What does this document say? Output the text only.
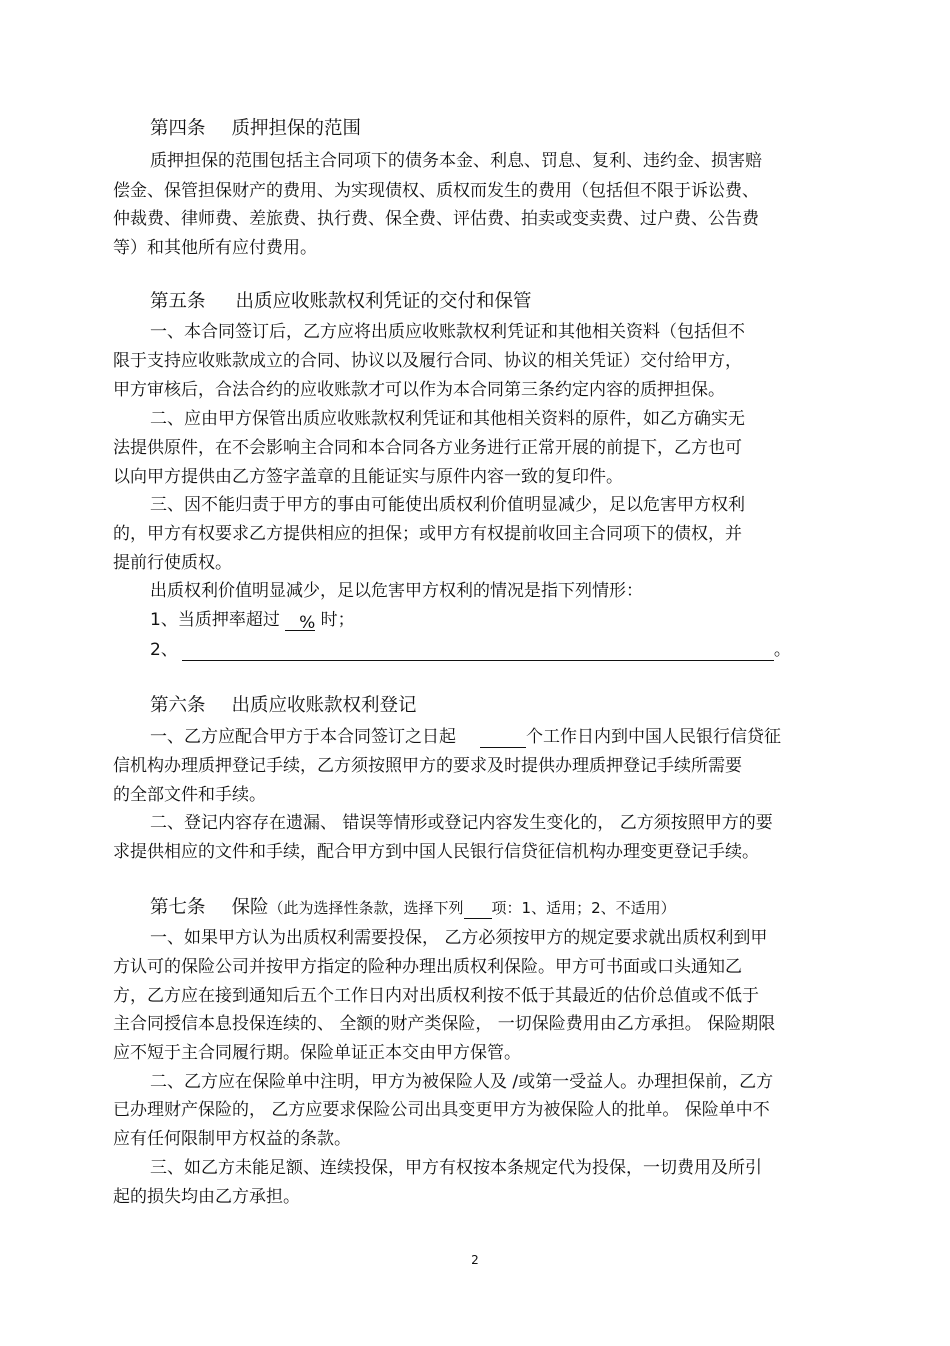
第四条 质押担保的范围

质押担保的范围包括主合同项下的债务本金、利息、罚息、复利、违约金、损害赔

偿金、保管担保财产的费用、为实现债权、质权而发生的费用（包括但不限于诉讼费、

仲裁费、律师费、差旅费、执行费、保全费、评估费、拍卖或变卖费、过户费、公告费

等）和其他所有应付费用。

第五条 出质应收账款权利凭证的交付和保管

一、本合同签订后，乙方应将出质应收账款权利凭证和其他相关资料（包括但不

限于支持应收账款成立的合同、协议以及履行合同、协议的相关凭证）交付给甲方，

甲方审核后，合法合约的应收账款才可以作为本合同第三条约定内容的质押担保。

二、应由甲方保管出质应收账款权利凭证和其他相关资料的原件，如乙方确实无

法提供原件，在不会影响主合同和本合同各方业务进行正常开展的前提下，乙方也可

以向甲方提供由乙方签字盖章的且能证实与原件内容一致的复印件。

三、因不能归责于甲方的事由可能使出质权利价值明显减少，足以危害甲方权利

的，甲方有权要求乙方提供相应的担保；或甲方有权提前收回主合同项下的债权，并

提前行使质权。

出质权利价值明显减少，足以危害甲方权利的情况是指下列情形：

1、当质押率超过 % 时；

2、	。

第六条 出质应收账款权利登记

一、乙方应配合甲方于本合同签订之日起	个工作日内到中国人民银行信贷征

信机构办理质押登记手续，乙方须按照甲方的要求及时提供办理质押登记手续所需要

的全部文件和手续。

二、登记内容存在遗漏、 错误等情形或登记内容发生变化的， 乙方须按照甲方的要

求提供相应的文件和手续，配合甲方到中国人民银行信贷征信机构办理变更登记手续。

第七条 保险（此为选择性条款，选择下列 项：1、适用；2、不适用）

一、如果甲方认为出质权利需要投保， 乙方必须按甲方的规定要求就出质权利到甲

方认可的保险公司并按甲方指定的险种办理出质权利保险。甲方可书面或口头通知乙

方，乙方应在接到通知后五个工作日内对出质权利按不低于其最近的估价总值或不低于

主合同授信本息投保连续的、 全额的财产类保险， 一切保险费用由乙方承担。 保险期限

应不短于主合同履行期。保险单证正本交由甲方保管。

二、乙方应在保险单中注明，甲方为被保险人及 /或第一受益人。办理担保前，乙方

已办理财产保险的， 乙方应要求保险公司出具变更甲方为被保险人的批单。 保险单中不

应有任何限制甲方权益的条款。

三、如乙方未能足额、连续投保，甲方有权按本条规定代为投保，一切费用及所引

起的损失均由乙方承担。

2
